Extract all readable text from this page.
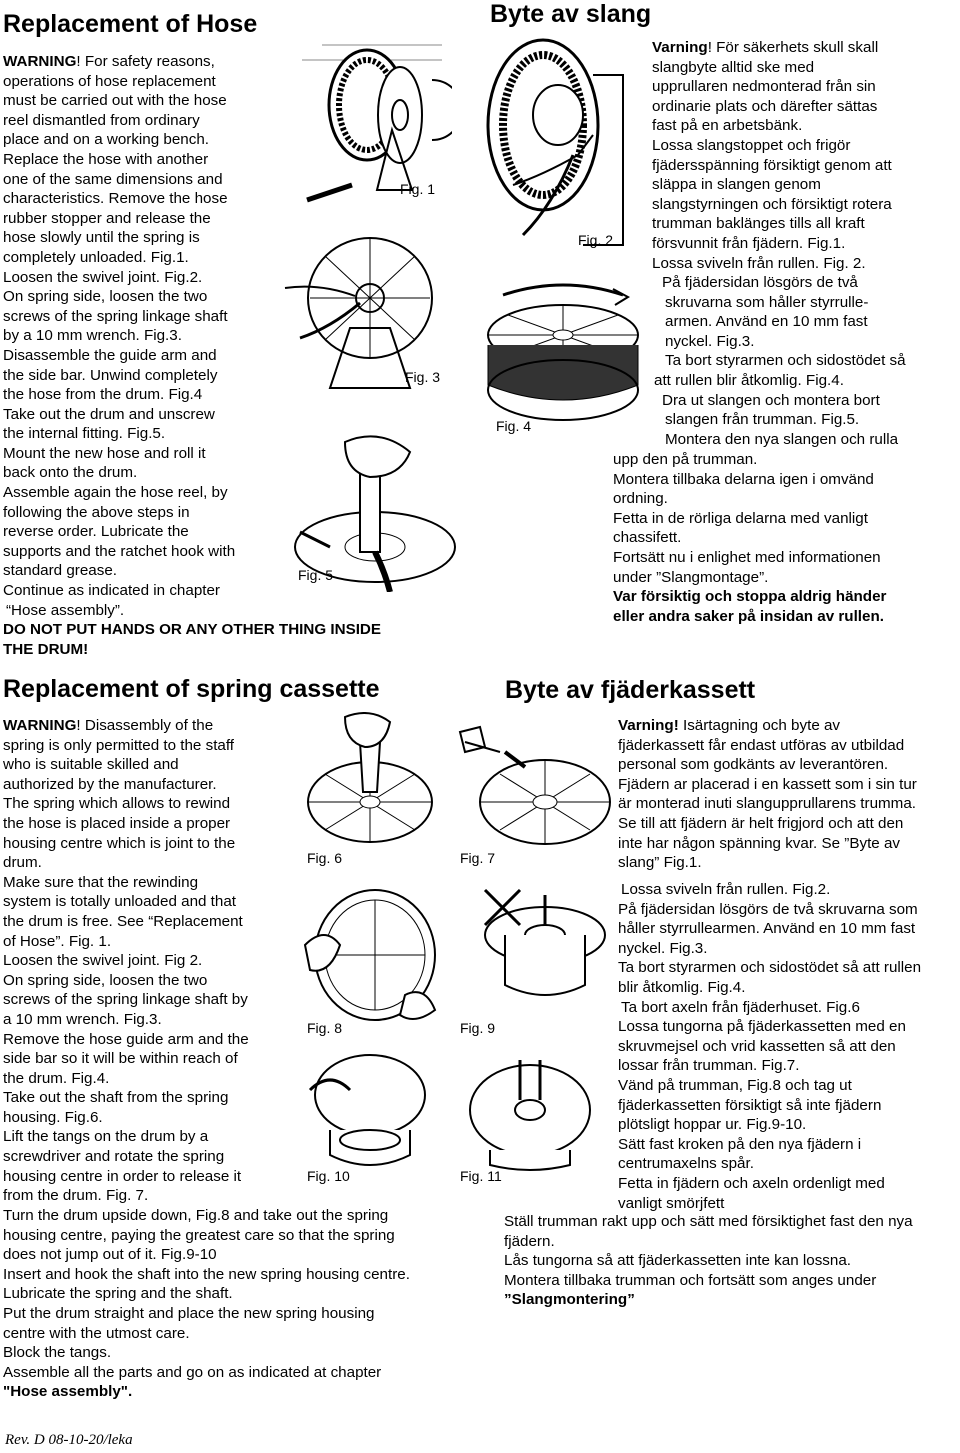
Replacement of Hose

WARNING! For safety reasons,

operations of hose replacement

must be carried out with the hose

reel dismantled from ordinary

place and on a working bench.

Replace the hose with another

one of the same dimensions and

characteristics. Remove the hose

rubber stopper and release the

hose slowly until the spring is

completely unloaded. Fig.1.

Loosen the swivel joint. Fig.2.

On spring side, loosen the two

screws of the spring linkage shaft

by a 10 mm wrench. Fig.3.

Disassemble the guide arm and

the side bar. Unwind completely

the hose from the drum. Fig.4

Take out the drum and unscrew

the internal fitting. Fig.5.

Mount the new hose and roll it

back onto the drum.

Assemble again the hose reel, by

following the above steps in

reverse order. Lubricate the

supports and the ratchet hook with

standard grease.

Continue as indicated in chapter

“Hose assembly”.

DO NOT PUT HANDS OR ANY OTHER THING INSIDE

THE DRUM!

Fig. 1
Fig. 3
Fig. 5
Byte av slang
Fig. 2
Fig. 4

Varning! För säkerhets skull skall

slangbyte alltid ske med

upprullaren nedmonterad från sin

ordinarie plats och därefter sättas

fast på en arbetsbänk.

Lossa slangstoppet och frigör

fjädersspänning försiktigt genom att

släppa in slangen genom

slangstyrningen och försiktigt rotera

trumman baklänges tills all kraft

försvunnit från fjädern. Fig.1.

Lossa sviveln från rullen. Fig. 2.

På fjädersidan lösgörs de två

skruvarna som håller styrrulle-

armen. Använd en 10 mm fast

nyckel. Fig.3.

Ta bort styrarmen och sidostödet så

att rullen blir åtkomlig. Fig.4.

Dra ut slangen och montera bort

slangen från trumman. Fig.5.

Montera den nya slangen och rulla

upp den på trumman.

Montera tillbaka delarna igen i omvänd

ordning.

Fetta in de rörliga delarna med vanligt

chassifett.

Fortsätt nu i enlighet med informationen

under ”Slangmontage”.

Var försiktig och stoppa aldrig händer

eller andra saker på insidan av rullen.

Replacement of spring cassette

WARNING! Disassembly of the

spring is only permitted to the staff

who is suitable skilled and

authorized by the manufacturer.

The spring which allows to rewind

the hose is placed inside a proper

housing centre which is joint to the

drum.

Make sure that the rewinding

system is totally unloaded and that

the drum is free. See “Replacement

of Hose”. Fig. 1.

Loosen the swivel joint. Fig 2.

On spring side, loosen the two

screws of the spring linkage shaft by

a 10 mm wrench. Fig.3.

Remove the hose guide arm and the

side bar so it will be within reach of

the drum. Fig.4.

Take out the shaft from the spring

housing. Fig.6.

Lift the tangs on the drum by a

screwdriver and rotate the spring

housing centre in order to release it

from the drum. Fig. 7.

Turn the drum upside down, Fig.8 and take out the spring

housing centre, paying the greatest care so that the spring

does not jump out of it. Fig.9-10

Insert and hook the shaft into the new spring housing centre.

Lubricate the spring and the shaft.

Put the drum straight and place the new spring housing

centre with the utmost care.

Block the tangs.

Assemble all the parts and go on as indicated at chapter

"Hose assembly".

Rev. D 08-10-20/leka
Fig. 6	Fig. 7
Fig. 8	Fig. 9
Fig. 10	Fig. 11
Byte av fjäderkassett

Varning! Isärtagning och byte av

fjäderkassett får endast utföras av utbildad

personal som godkänts av leverantören.

Fjädern ar placerad i en kassett som i sin tur

är monterad inuti slangupprullarens trumma.

Se till att fjädern är helt frigjord och att den

inte har någon spänning kvar. Se ”Byte av

slang” Fig.1.

Lossa sviveln från rullen. Fig.2.

På fjädersidan lösgörs de två skruvarna som

håller styrrullearmen. Använd en 10 mm fast

nyckel. Fig.3.

Ta bort styrarmen och sidostödet så att rullen

blir åtkomlig. Fig.4.

Ta bort axeln från fjäderhuset. Fig.6

Lossa tungorna på fjäderkassetten med en

skruvmejsel och vrid kassetten så att den

lossar från trumman. Fig.7.

Vänd på trumman, Fig.8 och tag ut

fjäderkassetten försiktigt så inte fjädern

plötsligt hoppar ur. Fig.9-10.

Sätt fast kroken på den nya fjädern i

centrumaxelns spår.

Fetta in fjädern och axeln ordenligt med

vanligt smörjfett

Ställ trumman rakt upp och sätt med försiktighet fast den nya

fjädern.

Lås tungorna så att fjäderkassetten inte kan lossna.

Montera tillbaka trumman och fortsätt som anges under

”Slangmontering”
